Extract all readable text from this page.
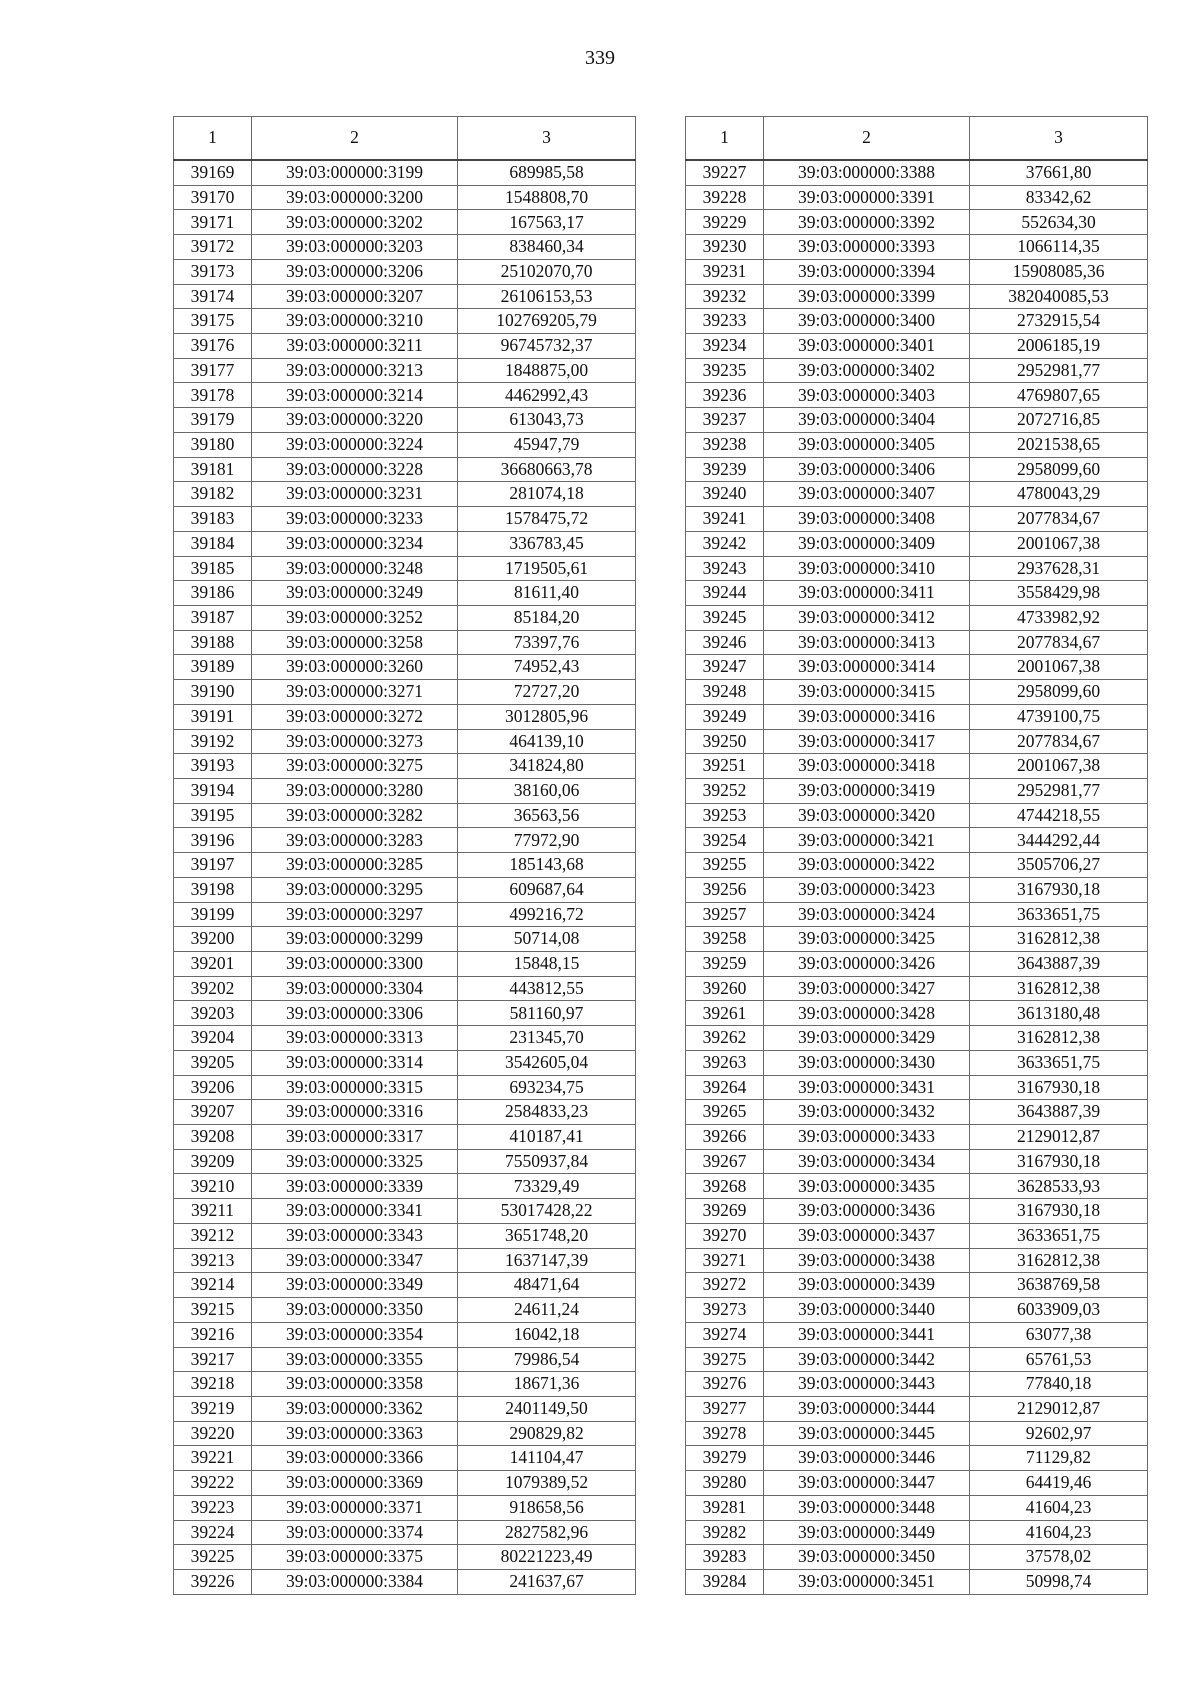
339
1	2	3
39169	39:03:000000:3199	689985,58
39170	39:03:000000:3200	1548808,70
39171	39:03:000000:3202	167563,17
39172	39:03:000000:3203	838460,34
39173	39:03:000000:3206	25102070,70
39174	39:03:000000:3207	26106153,53
39175	39:03:000000:3210	102769205,79
39176	39:03:000000:3211	96745732,37
39177	39:03:000000:3213	1848875,00
39178	39:03:000000:3214	4462992,43
39179	39:03:000000:3220	613043,73
39180	39:03:000000:3224	45947,79
39181	39:03:000000:3228	36680663,78
39182	39:03:000000:3231	281074,18
39183	39:03:000000:3233	1578475,72
39184	39:03:000000:3234	336783,45
39185	39:03:000000:3248	1719505,61
39186	39:03:000000:3249	81611,40
39187	39:03:000000:3252	85184,20
39188	39:03:000000:3258	73397,76
39189	39:03:000000:3260	74952,43
39190	39:03:000000:3271	72727,20
39191	39:03:000000:3272	3012805,96
39192	39:03:000000:3273	464139,10
39193	39:03:000000:3275	341824,80
39194	39:03:000000:3280	38160,06
39195	39:03:000000:3282	36563,56
39196	39:03:000000:3283	77972,90
39197	39:03:000000:3285	185143,68
39198	39:03:000000:3295	609687,64
39199	39:03:000000:3297	499216,72
39200	39:03:000000:3299	50714,08
39201	39:03:000000:3300	15848,15
39202	39:03:000000:3304	443812,55
39203	39:03:000000:3306	581160,97
39204	39:03:000000:3313	231345,70
39205	39:03:000000:3314	3542605,04
39206	39:03:000000:3315	693234,75
39207	39:03:000000:3316	2584833,23
39208	39:03:000000:3317	410187,41
39209	39:03:000000:3325	7550937,84
39210	39:03:000000:3339	73329,49
39211	39:03:000000:3341	53017428,22
39212	39:03:000000:3343	3651748,20
39213	39:03:000000:3347	1637147,39
39214	39:03:000000:3349	48471,64
39215	39:03:000000:3350	24611,24
39216	39:03:000000:3354	16042,18
39217	39:03:000000:3355	79986,54
39218	39:03:000000:3358	18671,36
39219	39:03:000000:3362	2401149,50
39220	39:03:000000:3363	290829,82
39221	39:03:000000:3366	141104,47
39222	39:03:000000:3369	1079389,52
39223	39:03:000000:3371	918658,56
39224	39:03:000000:3374	2827582,96
39225	39:03:000000:3375	80221223,49
39226	39:03:000000:3384	241637,67
1	2	3
39227	39:03:000000:3388	37661,80
39228	39:03:000000:3391	83342,62
39229	39:03:000000:3392	552634,30
39230	39:03:000000:3393	1066114,35
39231	39:03:000000:3394	15908085,36
39232	39:03:000000:3399	382040085,53
39233	39:03:000000:3400	2732915,54
39234	39:03:000000:3401	2006185,19
39235	39:03:000000:3402	2952981,77
39236	39:03:000000:3403	4769807,65
39237	39:03:000000:3404	2072716,85
39238	39:03:000000:3405	2021538,65
39239	39:03:000000:3406	2958099,60
39240	39:03:000000:3407	4780043,29
39241	39:03:000000:3408	2077834,67
39242	39:03:000000:3409	2001067,38
39243	39:03:000000:3410	2937628,31
39244	39:03:000000:3411	3558429,98
39245	39:03:000000:3412	4733982,92
39246	39:03:000000:3413	2077834,67
39247	39:03:000000:3414	2001067,38
39248	39:03:000000:3415	2958099,60
39249	39:03:000000:3416	4739100,75
39250	39:03:000000:3417	2077834,67
39251	39:03:000000:3418	2001067,38
39252	39:03:000000:3419	2952981,77
39253	39:03:000000:3420	4744218,55
39254	39:03:000000:3421	3444292,44
39255	39:03:000000:3422	3505706,27
39256	39:03:000000:3423	3167930,18
39257	39:03:000000:3424	3633651,75
39258	39:03:000000:3425	3162812,38
39259	39:03:000000:3426	3643887,39
39260	39:03:000000:3427	3162812,38
39261	39:03:000000:3428	3613180,48
39262	39:03:000000:3429	3162812,38
39263	39:03:000000:3430	3633651,75
39264	39:03:000000:3431	3167930,18
39265	39:03:000000:3432	3643887,39
39266	39:03:000000:3433	2129012,87
39267	39:03:000000:3434	3167930,18
39268	39:03:000000:3435	3628533,93
39269	39:03:000000:3436	3167930,18
39270	39:03:000000:3437	3633651,75
39271	39:03:000000:3438	3162812,38
39272	39:03:000000:3439	3638769,58
39273	39:03:000000:3440	6033909,03
39274	39:03:000000:3441	63077,38
39275	39:03:000000:3442	65761,53
39276	39:03:000000:3443	77840,18
39277	39:03:000000:3444	2129012,87
39278	39:03:000000:3445	92602,97
39279	39:03:000000:3446	71129,82
39280	39:03:000000:3447	64419,46
39281	39:03:000000:3448	41604,23
39282	39:03:000000:3449	41604,23
39283	39:03:000000:3450	37578,02
39284	39:03:000000:3451	50998,74
